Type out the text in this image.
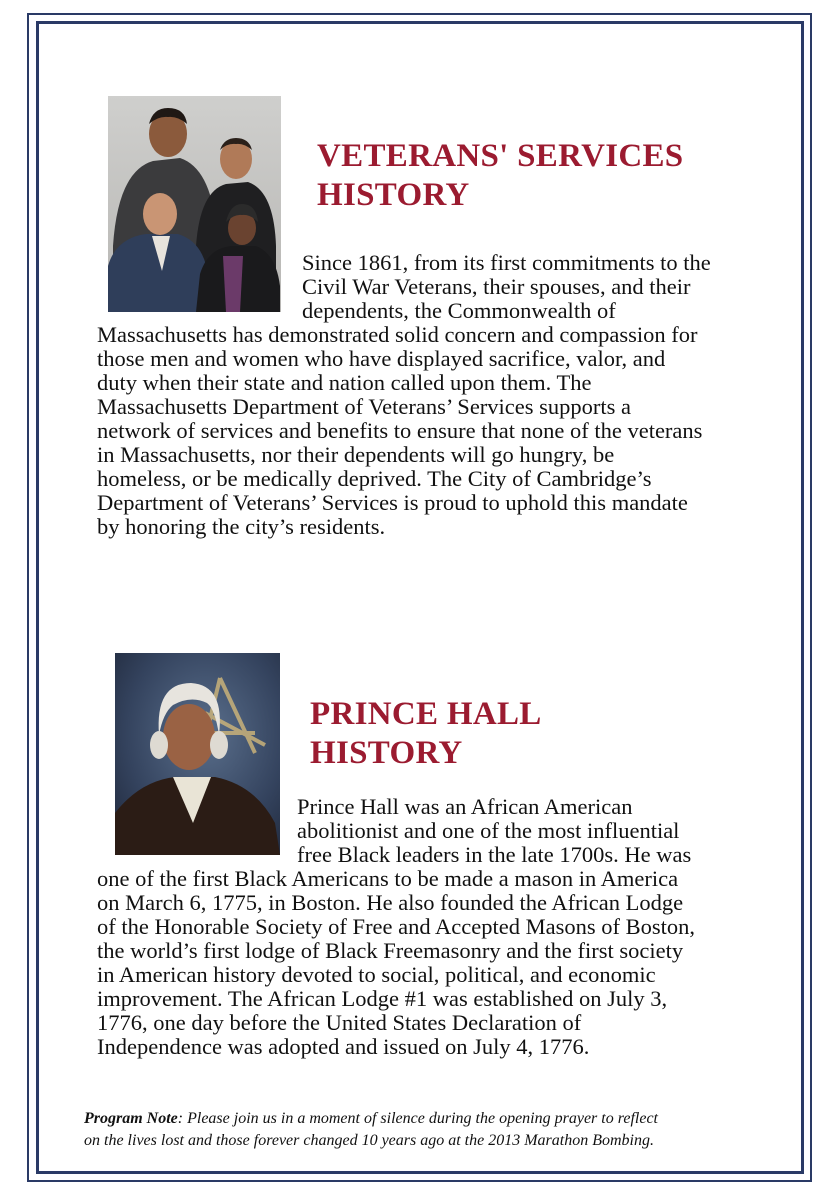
VETERANS' SERVICES
HISTORY

Since 1861, from its first commitments to the
Civil War Veterans, their spouses, and their
dependents, the Commonwealth of
Massachusetts has demonstrated solid concern and compassion for
those men and women who have displayed sacrifice, valor, and
duty when their state and nation called upon them. The
Massachusetts Department of Veterans’ Services supports a
network of services and benefits to ensure that none of the veterans
in Massachusetts, nor their dependents will go hungry, be
homeless, or be medically deprived. The City of Cambridge’s
Department of Veterans’ Services is proud to uphold this mandate
by honoring the city’s residents.

PRINCE HALL
HISTORY

Prince Hall was an African American
abolitionist and one of the most influential
free Black leaders in the late 1700s. He was
one of the first Black Americans to be made a mason in America
on March 6, 1775, in Boston. He also founded the African Lodge
of the Honorable Society of Free and Accepted Masons of Boston,
the world’s first lodge of Black Freemasonry and the first society
in American history devoted to social, political, and economic
improvement. The African Lodge #1 was established on July 3,
1776, one day before the United States Declaration of
Independence was adopted and issued on July 4, 1776.

Program Note: Please join us in a moment of silence during the opening prayer to reflect
on the lives lost and those forever changed 10 years ago at the 2013 Marathon Bombing.
